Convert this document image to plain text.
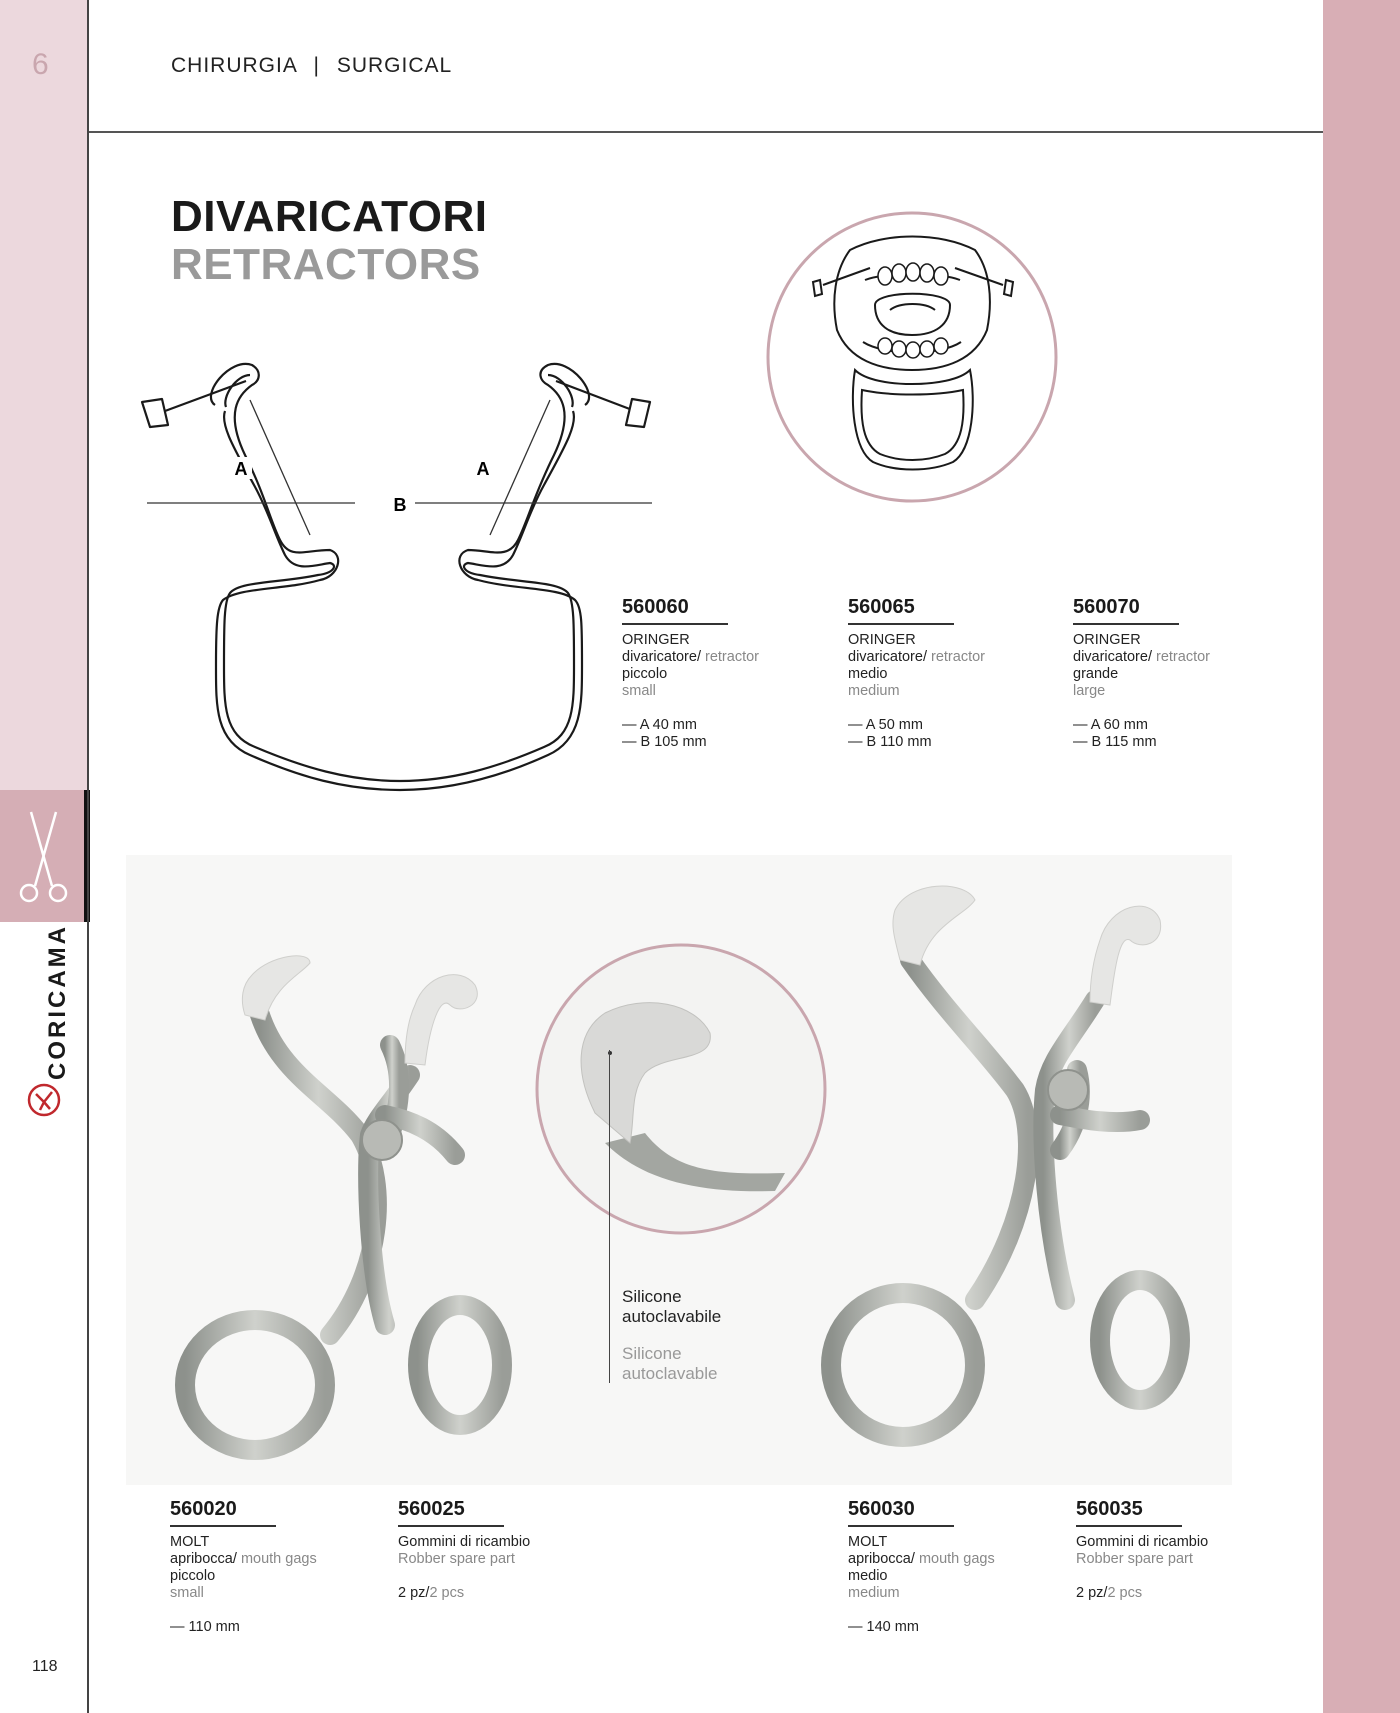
6	CHIRURGIA | SURGICAL
DIVARICATORI
RETRACTORS
CORICAMA
118
A	A
B
560060
ORINGER
divaricatore/ retractor
piccolo
small
— A 40 mm
— B 105 mm
560065
ORINGER
divaricatore/ retractor
medio
medium
— A 50 mm
— B 110 mm
560070
ORINGER
divaricatore/ retractor
grande
large
— A 60 mm
— B 115 mm
Silicone
autoclavabile
Silicone
autoclavable
560020
MOLT
apribocca/ mouth gags
piccolo
small
— 110 mm
560025
Gommini di ricambio
Robber spare part
2 pz/2 pcs
560030
MOLT
apribocca/ mouth gags
medio
medium
— 140 mm
560035
Gommini di ricambio
Robber spare part
2 pz/2 pcs
